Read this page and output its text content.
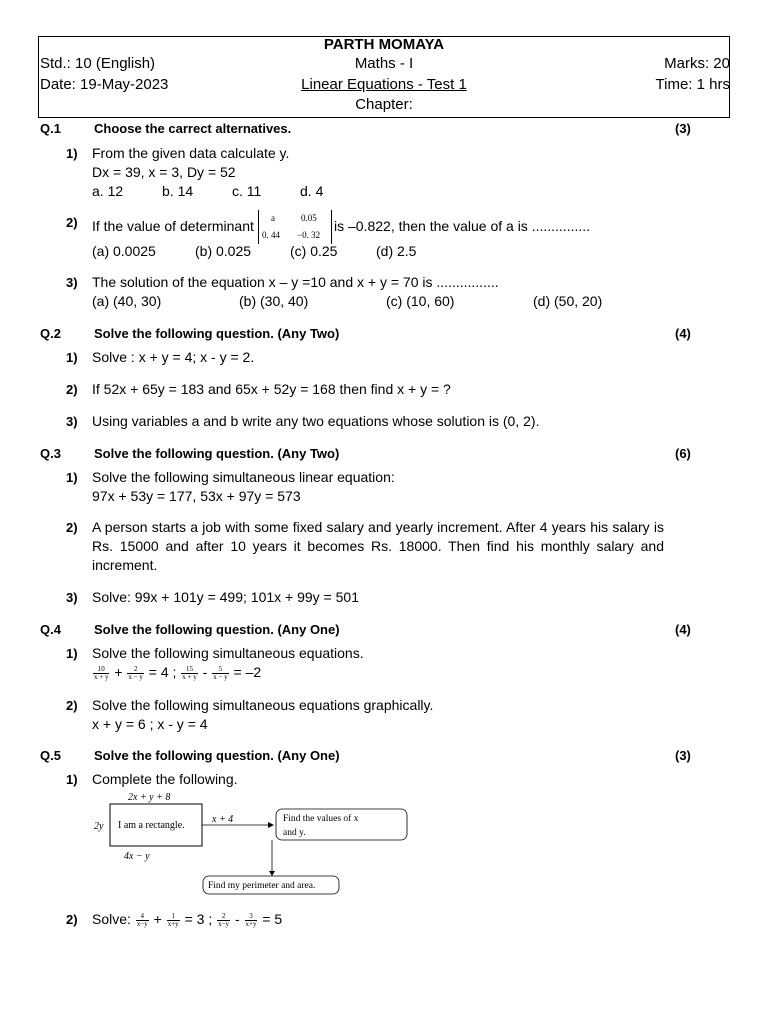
PARTH MOMAYA
Std.: 10 (English)	Maths - I	Marks: 20
Date: 19-May-2023	Linear Equations - Test 1	Time: 1 hrs
Chapter:
Q.1	Choose the carrect alternatives.	(3)
1) From the given data calculate y.
Dx = 39, x = 3, Dy = 52
a. 12	b. 14	c. 11	d. 4
2) If the value of determinant a	0.05
0. 44 −0. 32
is –0.822, then the value of a is ...............
(a) 0.0025	(b) 0.025	(c) 0.25	(d) 2.5
3) The solution of the equation x – y =10 and x + y = 70 is ................
(a) (40, 30)	(b) (30, 40)	(c) (10, 60)	(d) (50, 20)
Q.2	Solve the following question. (Any Two)	(4)
1) Solve : x + y = 4; x - y = 2.
2) If 52x + 65y = 183 and 65x + 52y = 168 then find x + y = ?
3) Using variables a and b write any two equations whose solution is (0, 2).
Q.3	Solve the following question. (Any Two)	(6)
1) Solve the following simultaneous linear equation:
97x + 53y = 177, 53x + 97y = 573
2) A person starts a job with some fixed salary and yearly increment. After 4 years his salary is Rs. 15000 and after 10 years it becomes Rs. 18000. Then find his monthly salary and increment.
3) Solve: 99x + 101y = 499; 101x + 99y = 501
Q.4	Solve the following question. (Any One)	(4)
1) Solve the following simultaneous equations.
$\frac{10}{x + y} + \frac{2}{x - y} = 4$ ; $\frac{15}{x + y} - \frac{5}{x - y} = -2$
2) Solve the following simultaneous equations graphically.
x + y = 6 ; x - y = 4
Q.5	Solve the following question. (Any One)	(3)
1) Complete the following.
2x + y + 8
2y I am a rectangle.
4x − y
x + 4	Find the values of x
and y.
Find my perimeter and area.
2) Solve: $\frac{4}{x-y} + \frac{1}{x+y} = 3$ ; $\frac{2}{x-y} - \frac{3}{x+y} = 5$
